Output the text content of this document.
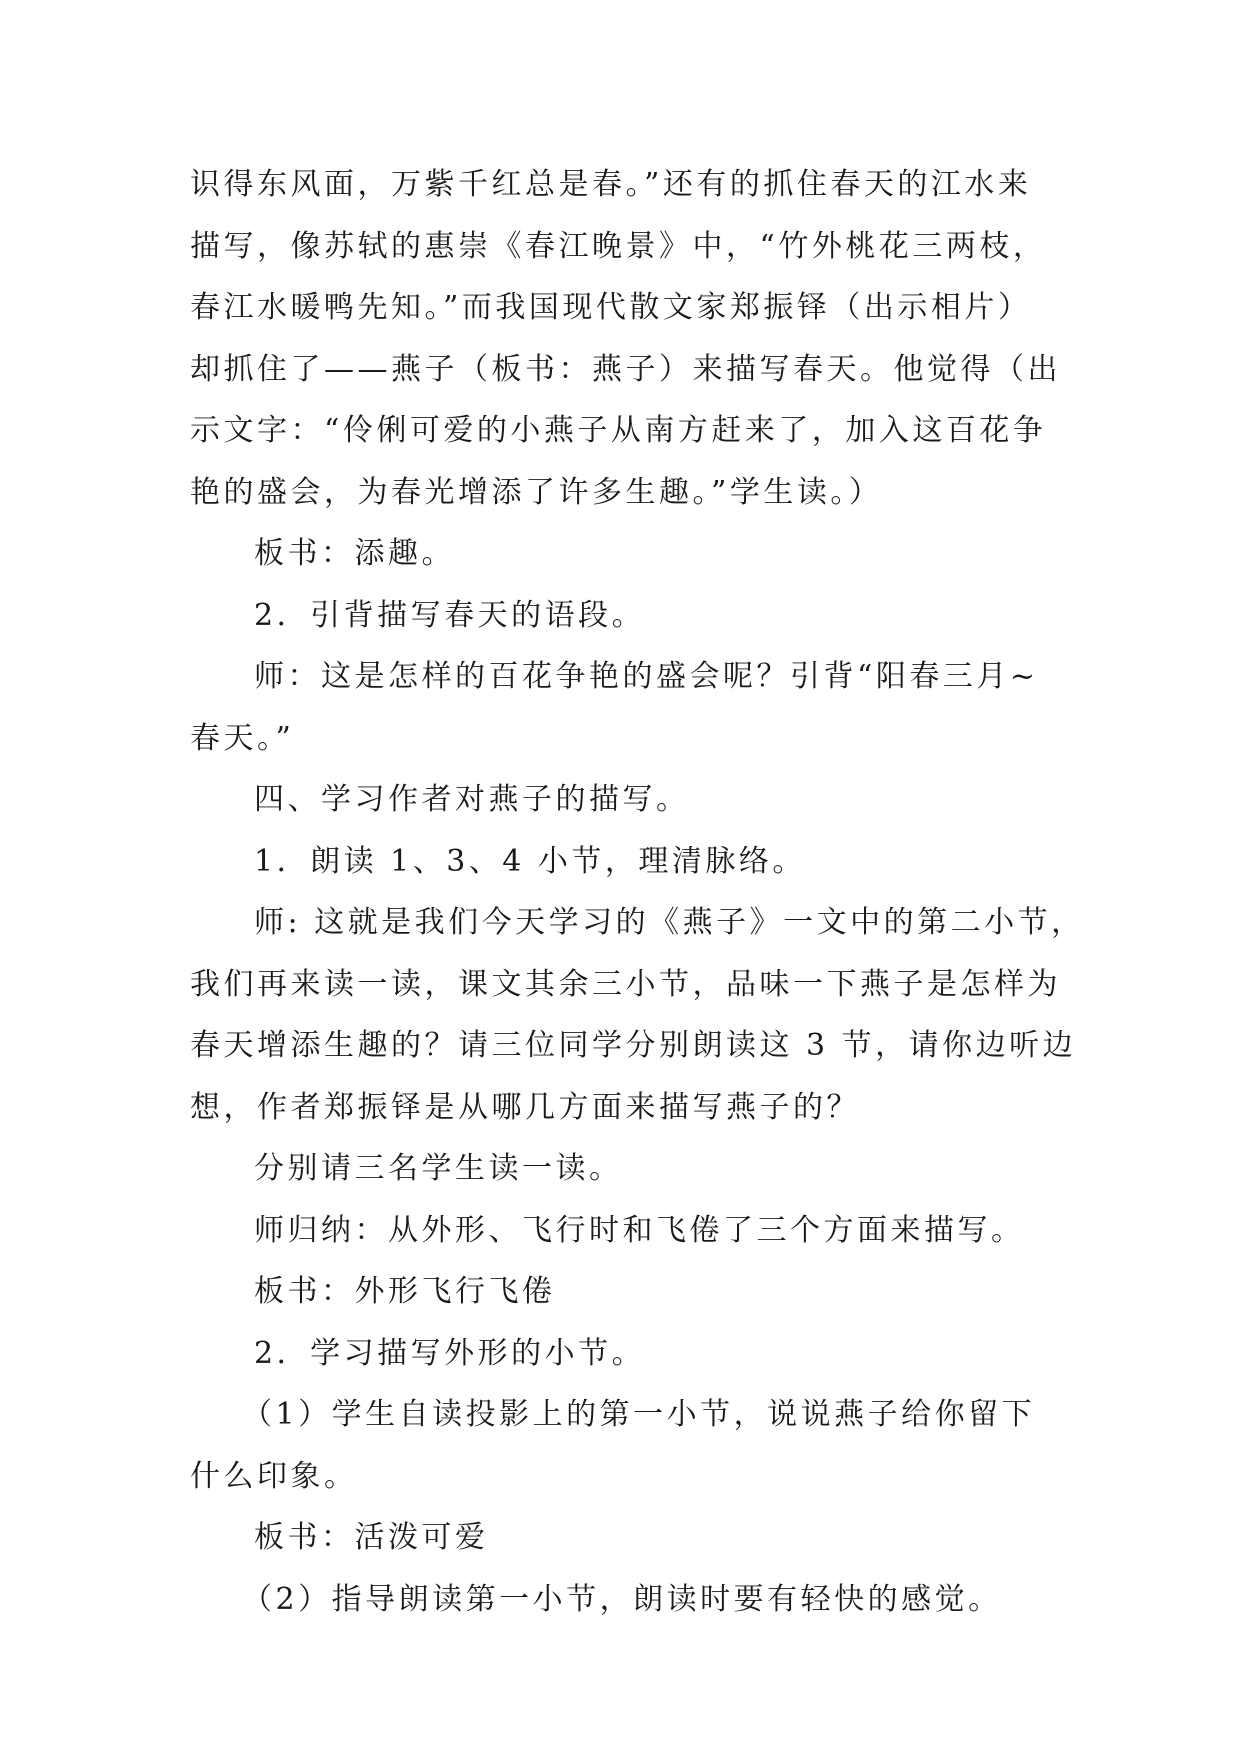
识得东风面，万紫千红总是春。”还有的抓住春天的江水来
描写，像苏轼的惠崇《春江晚景》中，“竹外桃花三两枝，
春江水暖鸭先知。”而我国现代散文家郑振铎（出示相片）
却抓住了——燕子（板书：燕子）来描写春天。他觉得（出
示文字：“伶俐可爱的小燕子从南方赶来了，加入这百花争
艳的盛会，为春光增添了许多生趣。”学生读。）
板书：添趣。
2．引背描写春天的语段。
师：这是怎样的百花争艳的盛会呢？引背“阳春三月~
春天。”
四、学习作者对燕子的描写。
1．朗读 1、3、4 小节，理清脉络。
师: 这就是我们今天学习的《燕子》一文中的第二小节，
我们再来读一读，课文其余三小节，品味一下燕子是怎样为
春天增添生趣的？请三位同学分别朗读这 3 节，请你边听边
想，作者郑振铎是从哪几方面来描写燕子的？
分别请三名学生读一读。
师归纳：从外形、飞行时和飞倦了三个方面来描写。
板书：外形飞行飞倦
2．学习描写外形的小节。
（1）学生自读投影上的第一小节，说说燕子给你留下
什么印象。
板书：活泼可爱
（2）指导朗读第一小节，朗读时要有轻快的感觉。
